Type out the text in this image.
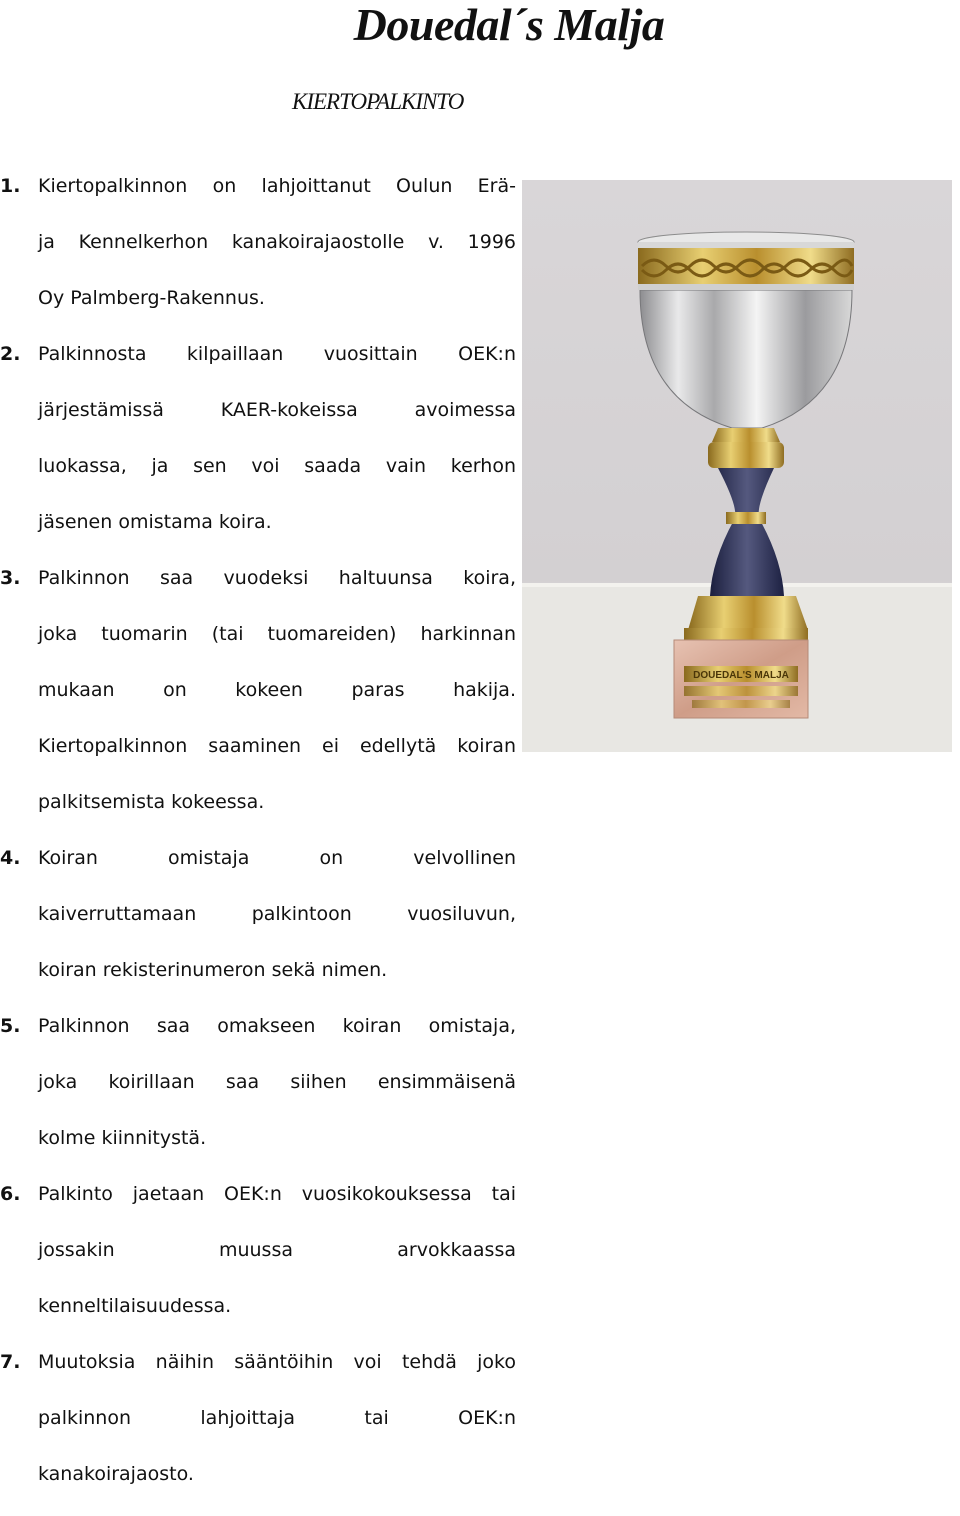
Douedal´s Malja
KIERTOPALKINTO
1. Kiertopalkinnon on lahjoittanut Oulun Erä-
ja Kennelkerhon kanakoirajaostolle v. 1996
Oy Palmberg-Rakennus.
2. Palkinnosta kilpaillaan vuosittain OEK:n
järjestämissä KAER-kokeissa avoimessa
luokassa, ja sen voi saada vain kerhon
jäsenen omistama koira.
3. Palkinnon saa vuodeksi haltuunsa koira,
joka tuomarin (tai tuomareiden) harkinnan
mukaan on kokeen paras hakija.
Kiertopalkinnon saaminen ei edellytä koiran
palkitsemista kokeessa.
4. Koiran omistaja on velvollinen
kaiverruttamaan palkintoon vuosiluvun,
koiran rekisterinumeron sekä nimen.
5. Palkinnon saa omakseen koiran omistaja,
joka koirillaan saa siihen ensimmäisenä
kolme kiinnitystä.
6. Palkinto jaetaan OEK:n vuosikokouksessa tai
jossakin muussa arvokkaassa
kenneltilaisuudessa.
7. Muutoksia näihin sääntöihin voi tehdä joko
palkinnon lahjoittaja tai OEK:n
kanakoirajaosto.
DOUEDAL'S MALJA
